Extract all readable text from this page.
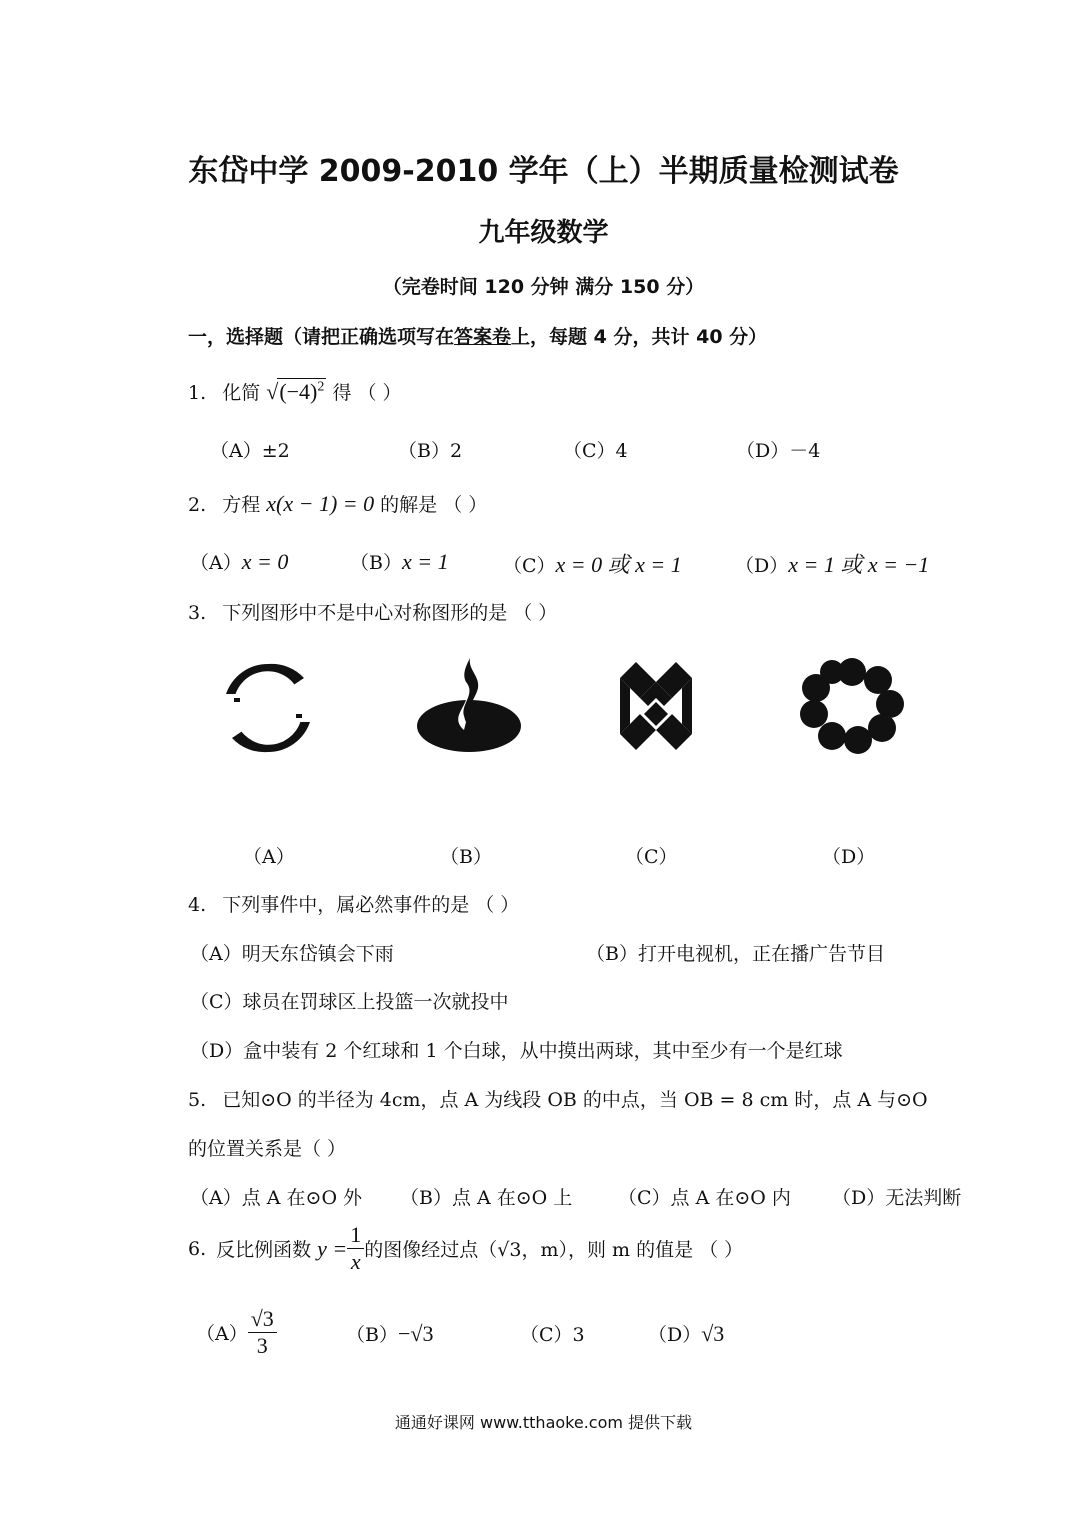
东岱中学 2009-2010 学年（上）半期质量检测试卷
九年级数学
（完卷时间 120 分钟 满分 150 分）
一，选择题（请把正确选项写在答案卷上，每题 4 分，共计 40 分）
1. 化简 $√(-4)^2$ 得 （ ）
（A）±2	（B）2	（C）4	（D）－4
2. 方程 x(x − 1) = 0 的解是 （ ）
（A）x = 0	（B）x = 1	（C）x = 0 或 x = 1	（D）x = 1 或 x = −1
3. 下列图形中不是中心对称图形的是 （ ）
（A）	（B）	（C）	（D）
4. 下列事件中，属必然事件的是 （ ）
（A）明天东岱镇会下雨	（B）打开电视机，正在播广告节目
（C）球员在罚球区上投篮一次就投中
（D）盒中装有 2 个红球和 1 个白球，从中摸出两球，其中至少有一个是红球
5. 已知⊙O 的半径为 4cm，点 A 为线段 OB 的中点，当 OB = 8 cm 时，点 A 与⊙O
的位置关系是（ ）
（A）点 A 在⊙O 外 （B）点 A 在⊙O 上 （C）点 A 在⊙O 内 （D）无法判断
6. 反比例函数 $y = \frac{1}{x}$ 的图像经过点（√3，m），则 m 的值是 （ ）
$(A) \frac{√3}{3}$	（B）−√3	（C）3	（D）√3
通通好课网 www.tthaoke.com 提供下载
